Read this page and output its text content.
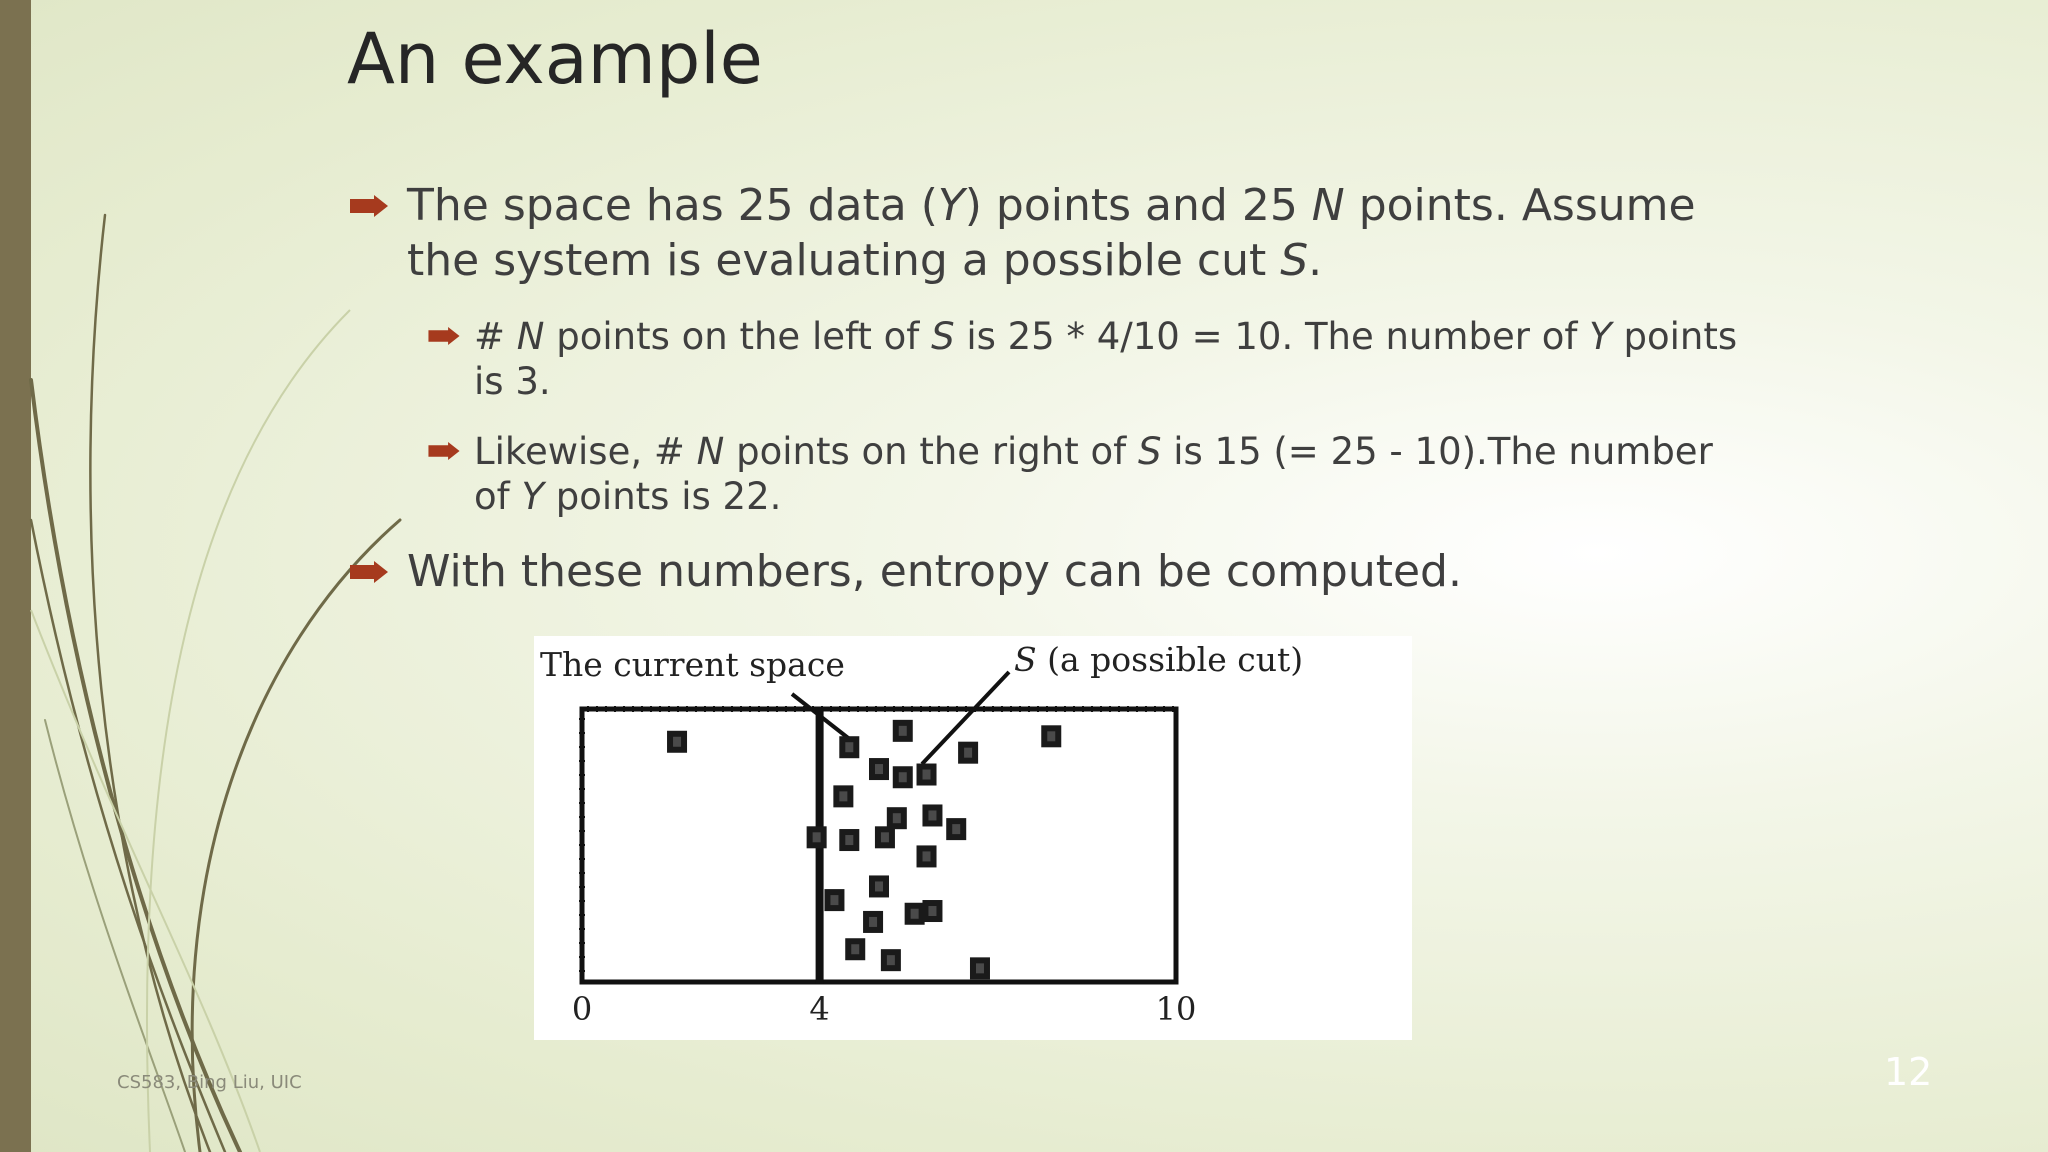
An example
The space has 25 data (Y) points and 25 N points. Assume the system is evaluating a possible cut S.
# N points on the left of S is 25 * 4/10 = 10. The number of Y points is 3.
Likewise, # N points on the right of S is 15 (= 25 - 10).The number of Y points is 22.
With these numbers, entropy can be computed.
The current space	S (a possible cut)
0	4	10
CS583, Bing Liu, UIC	12
